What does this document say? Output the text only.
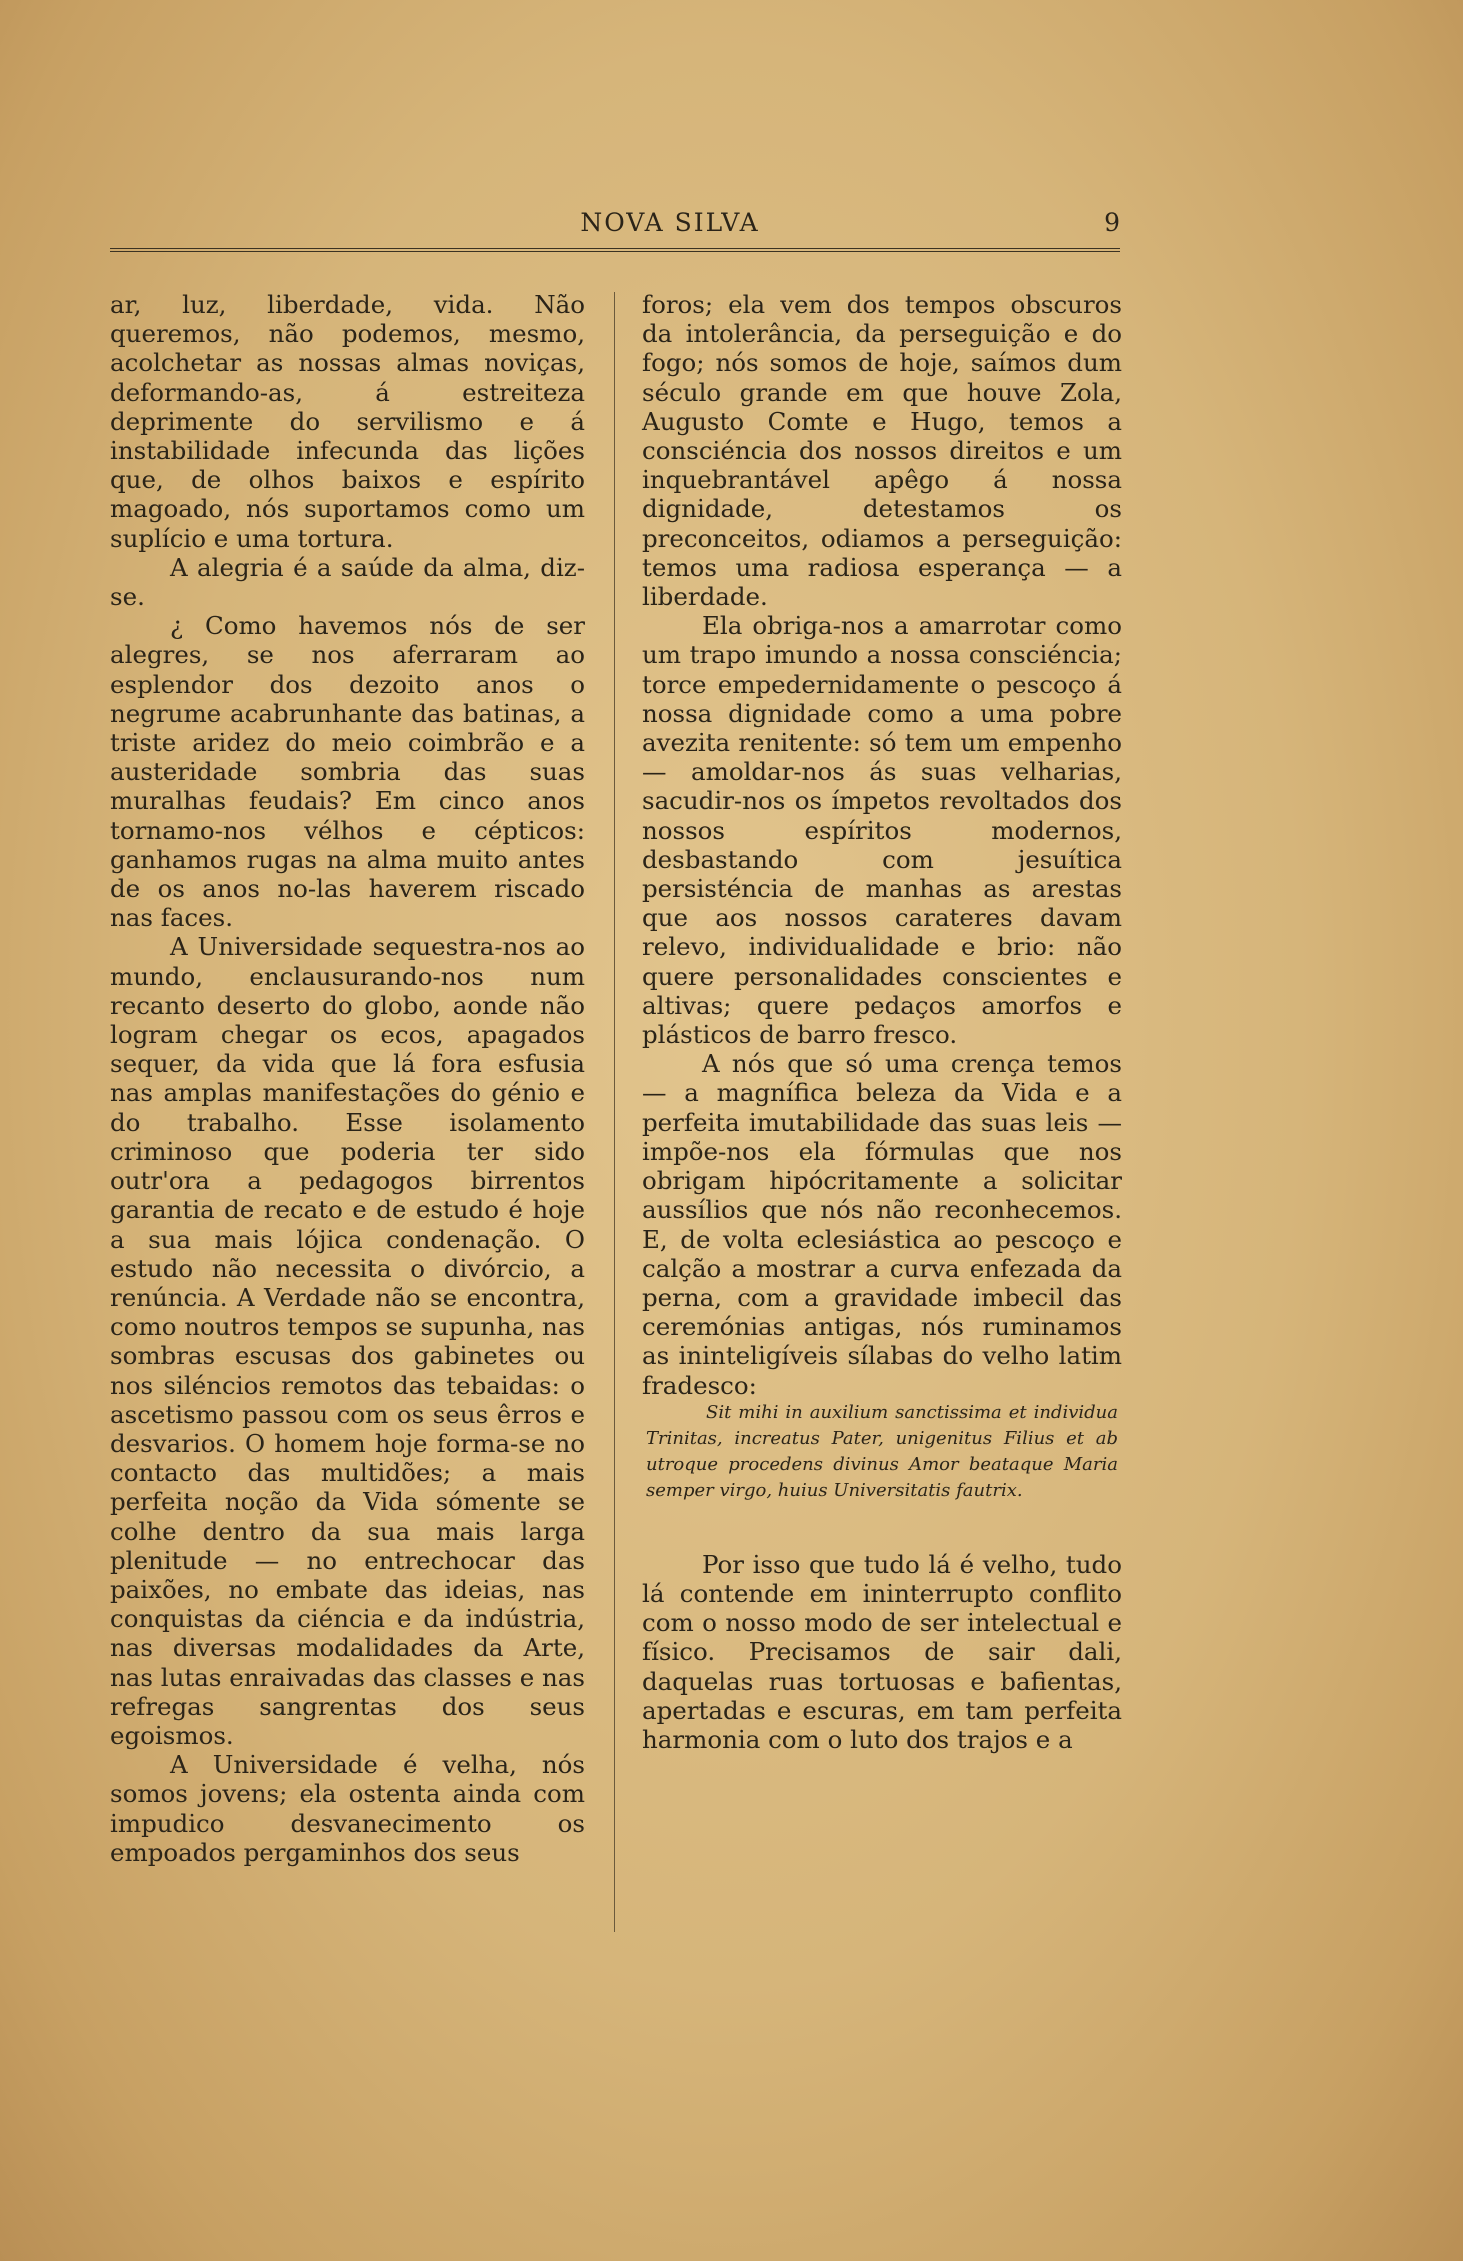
NOVA SILVA	9

ar, luz, liberdade, vida. Não queremos, não podemos, mesmo, acolchetar as nossas almas noviças, deformando-as, á estreiteza deprimente do servilismo e á instabilidade infecunda das lições que, de olhos baixos e espírito magoado, nós suportamos como um suplício e uma tortura.

A alegria é a saúde da alma, diz-se.

¿ Como havemos nós de ser alegres, se nos aferraram ao esplendor dos dezoito anos o negrume acabrunhante das batinas, a triste aridez do meio coimbrão e a austeridade sombria das suas muralhas feudais? Em cinco anos tornamo-nos vélhos e cépticos: ganhamos rugas na alma muito antes de os anos no-las haverem riscado nas faces.

A Universidade sequestra-nos ao mundo, enclausurando-nos num recanto deserto do globo, aonde não logram chegar os ecos, apagados sequer, da vida que lá fora esfusia nas amplas manifestações do génio e do trabalho. Esse isolamento criminoso que poderia ter sido outr'ora a pedagogos birrentos garantia de recato e de estudo é hoje a sua mais lójica condenação. O estudo não necessita o divórcio, a renúncia. A Verdade não se encontra, como noutros tempos se supunha, nas sombras escusas dos gabinetes ou nos siléncios remotos das tebaidas: o ascetismo passou com os seus êrros e desvarios. O homem hoje forma-se no contacto das multidões; a mais perfeita noção da Vida sómente se colhe dentro da sua mais larga plenitude — no entrechocar das paixões, no embate das ideias, nas conquistas da ciéncia e da indústria, nas diversas modalidades da Arte, nas lutas enraivadas das classes e nas refregas sangrentas dos seus egoismos.

A Universidade é velha, nós somos jovens; ela ostenta ainda com impudico desvanecimento os empoados pergaminhos dos seus

foros; ela vem dos tempos obscuros da intolerância, da perseguição e do fogo; nós somos de hoje, saímos dum século grande em que houve Zola, Augusto Comte e Hugo, temos a consciéncia dos nossos direitos e um inquebrantável apêgo á nossa dignidade, detestamos os preconceitos, odiamos a perseguição: temos uma radiosa esperança — a liberdade.

Ela obriga-nos a amarrotar como um trapo imundo a nossa consciéncia; torce empedernidamente o pescoço á nossa dignidade como a uma pobre avezita renitente: só tem um empenho — amoldar-nos ás suas velharias, sacudir-nos os ímpetos revoltados dos nossos espíritos modernos, desbastando com jesuítica persisténcia de manhas as arestas que aos nossos carateres davam relevo, individualidade e brio: não quere personalidades conscientes e altivas; quere pedaços amorfos e plásticos de barro fresco.

A nós que só uma crença temos — a magnífica beleza da Vida e a perfeita imutabilidade das suas leis — impõe-nos ela fórmulas que nos obrigam hipócritamente a solicitar aussílios que nós não reconhecemos. E, de volta eclesiástica ao pescoço e calção a mostrar a curva enfezada da perna, com a gravidade imbecil das ceremónias antigas, nós ruminamos as ininteligíveis sílabas do velho latim fradesco:

Sit mihi in auxilium sanctissima et individua Trinitas, increatus Pater, unigenitus Filius et ab utroque procedens divinus Amor beataque Maria semper virgo, huius Universitatis fautrix.

Por isso que tudo lá é velho, tudo lá contende em ininterrupto conflito com o nosso modo de ser intelectual e físico. Precisamos de sair dali, daquelas ruas tortuosas e bafientas, apertadas e escuras, em tam perfeita harmonia com o luto dos trajos e a
